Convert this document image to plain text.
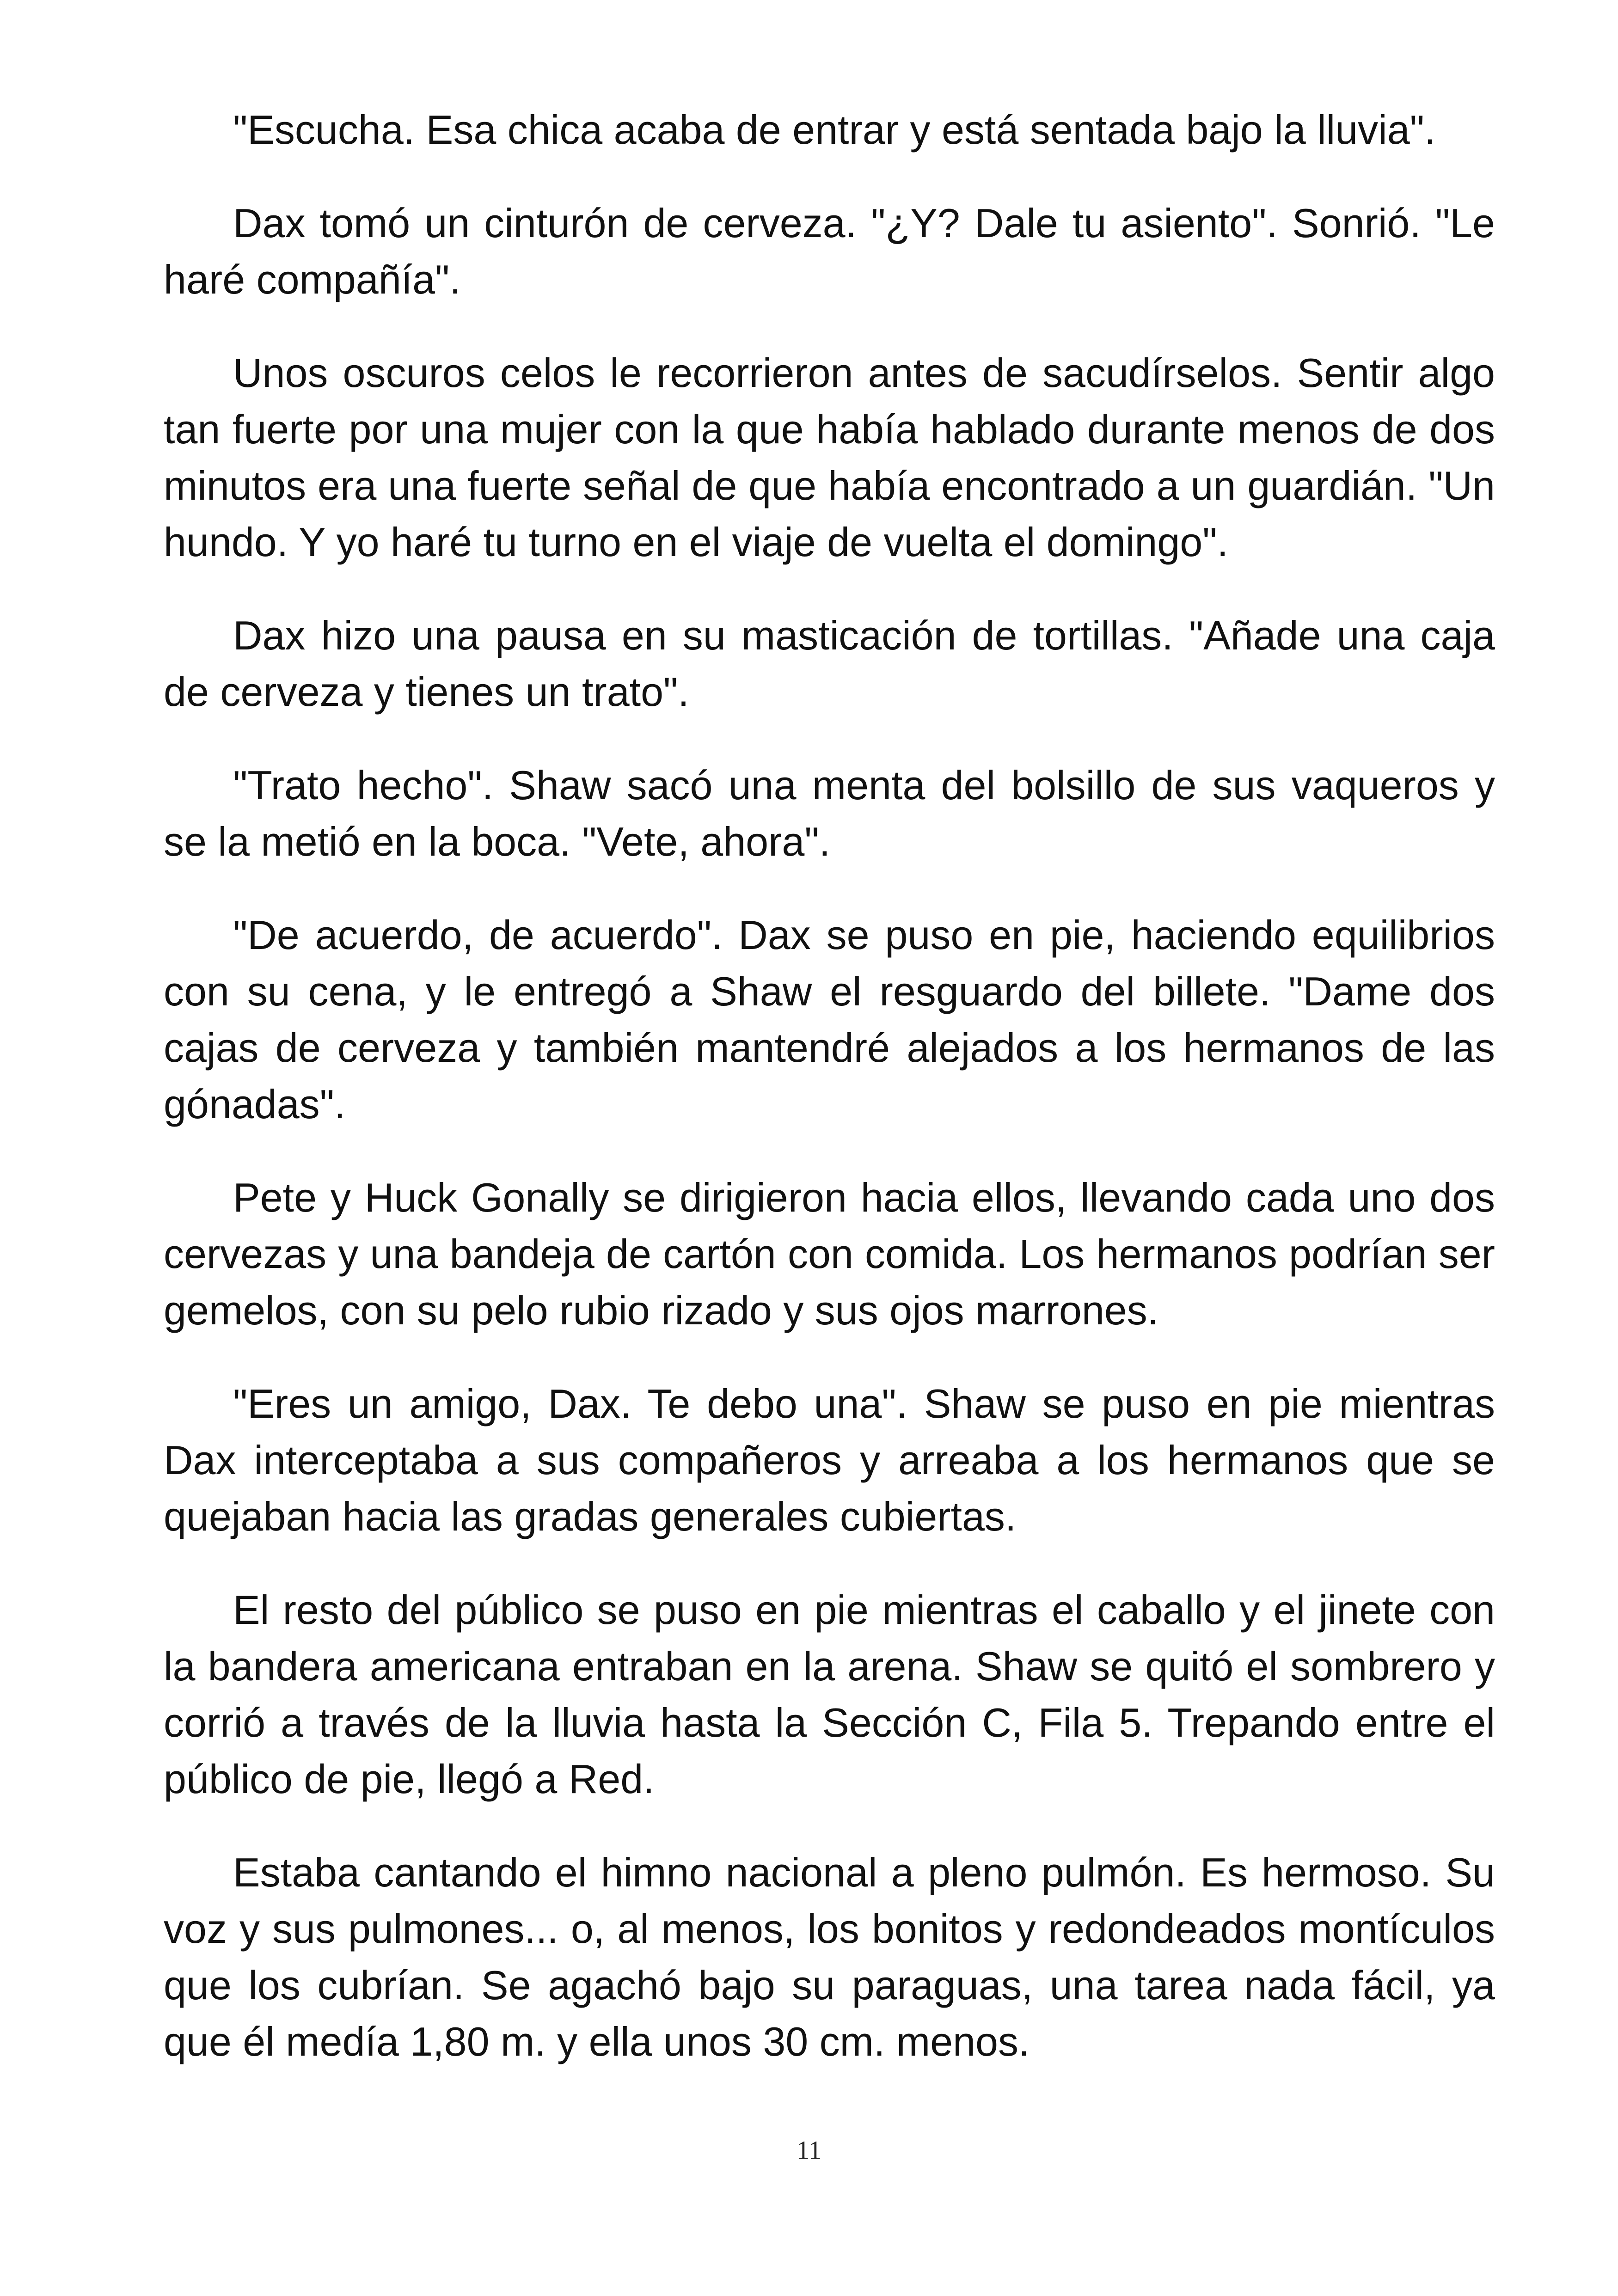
"Escucha. Esa chica acaba de entrar y está sentada bajo la lluvia".

Dax tomó un cinturón de cerveza. "¿Y? Dale tu asiento". Sonrió. "Le haré compañía".

Unos oscuros celos le recorrieron antes de sacudírselos. Sentir algo tan fuerte por una mujer con la que había hablado durante menos de dos minutos era una fuerte señal de que había encontrado a un guardián. "Un hundo. Y yo haré tu turno en el viaje de vuelta el domingo".

Dax hizo una pausa en su masticación de tortillas. "Añade una caja de cerveza y tienes un trato".

"Trato hecho". Shaw sacó una menta del bolsillo de sus vaqueros y se la metió en la boca. "Vete, ahora".

"De acuerdo, de acuerdo". Dax se puso en pie, haciendo equilibrios con su cena, y le entregó a Shaw el resguardo del billete. "Dame dos cajas de cerveza y también mantendré alejados a los hermanos de las gónadas".

Pete y Huck Gonally se dirigieron hacia ellos, llevando cada uno dos cervezas y una bandeja de cartón con comida. Los hermanos podrían ser gemelos, con su pelo rubio rizado y sus ojos marrones.

"Eres un amigo, Dax. Te debo una". Shaw se puso en pie mientras Dax interceptaba a sus compañeros y arreaba a los hermanos que se quejaban hacia las gradas generales cubiertas.

El resto del público se puso en pie mientras el caballo y el jinete con la bandera americana entraban en la arena. Shaw se quitó el sombrero y corrió a través de la lluvia hasta la Sección C, Fila 5. Trepando entre el público de pie, llegó a Red.

Estaba cantando el himno nacional a pleno pulmón. Es hermoso. Su voz y sus pulmones... o, al menos, los bonitos y redondeados montículos que los cubrían. Se agachó bajo su paraguas, una tarea nada fácil, ya que él medía 1,80 m. y ella unos 30 cm. menos.

11
